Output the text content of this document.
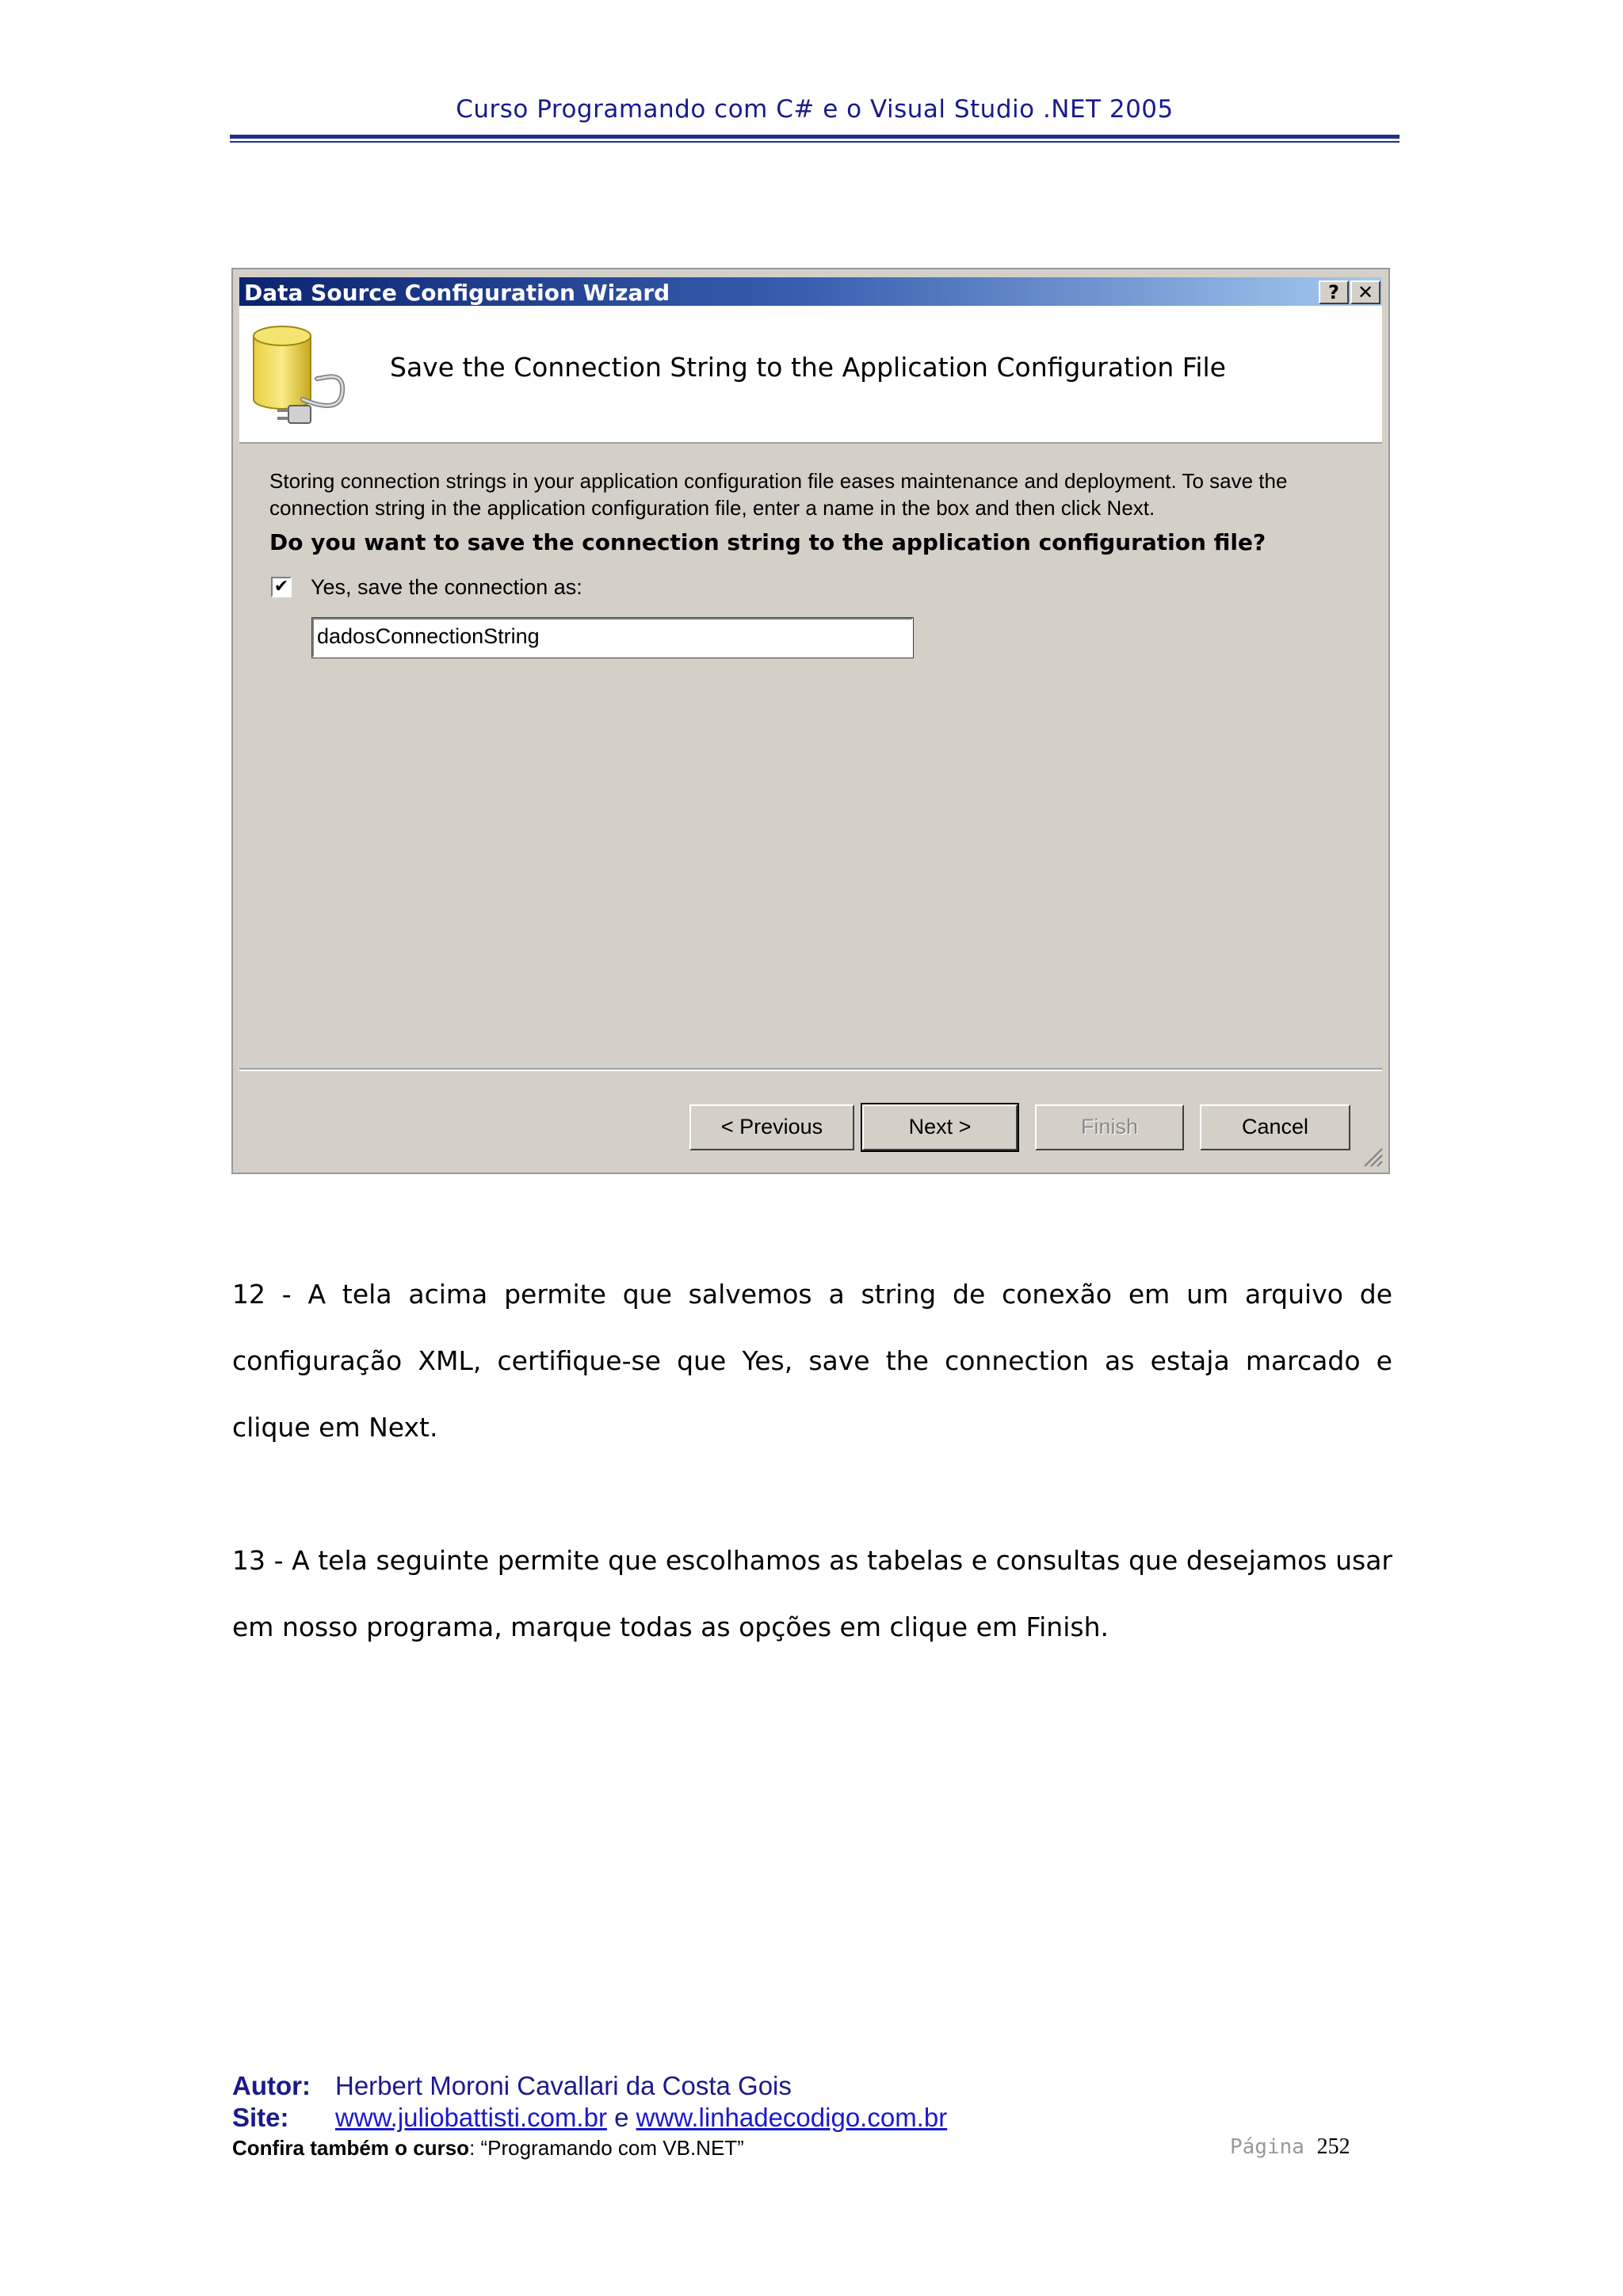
Curso Programando com C# e o Visual Studio .NET 2005
Data Source Configuration Wizard	? ✕
Save the Connection String to the Application Configuration File
Storing connection strings in your application configuration file eases maintenance and deployment. To save the connection string in the application configuration file, enter a name in the box and then click Next.
Do you want to save the connection string to the application configuration file?
✔ Yes, save the connection as:
dadosConnectionString
< Previous	Next >	Finish	Cancel
12 - A tela acima permite que salvemos a string de conexão em um arquivo de configuração XML, certifique-se que Yes, save the connection as estaja marcado e clique em Next.
13 - A tela seguinte permite que escolhamos as tabelas e consultas que desejamos usar em nosso programa, marque todas as opções em clique em Finish.
Autor: Herbert Moroni Cavallari da Costa Gois
Site: www.juliobattisti.com.br e www.linhadecodigo.com.br
Confira também o curso: “Programando com VB.NET”	Página 252
